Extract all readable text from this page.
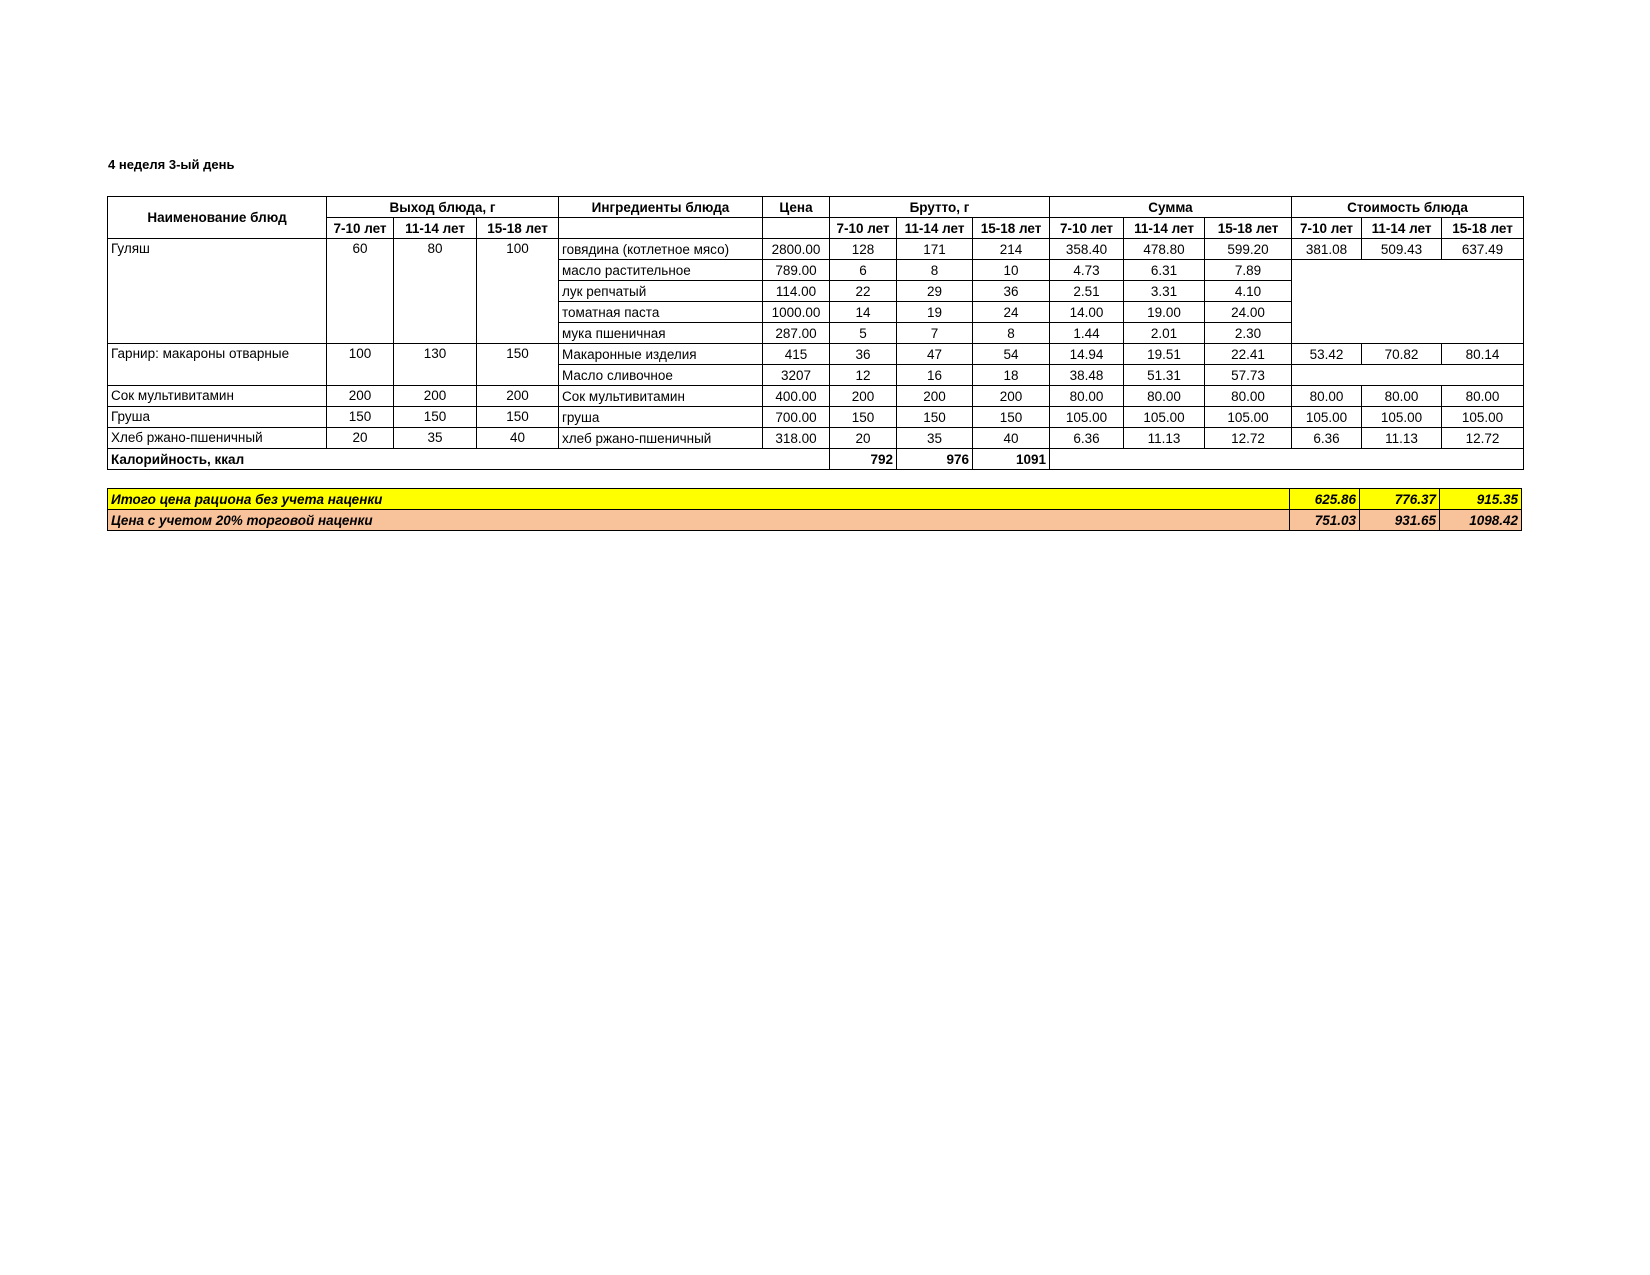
4 неделя 3-ый день
Наименование блюд	Выход блюда, г			Ингредиенты блюда	Цена	Брутто, г			Сумма			Стоимость блюда		
	7-10 лет	11-14 лет	15-18 лет			7-10 лет	11-14 лет	15-18 лет	7-10 лет	11-14 лет	15-18 лет	7-10 лет	11-14 лет	15-18 лет
Гуляш	60	80	100	говядина (котлетное мясо)	2800.00	128	171	214	358.40	478.80	599.20	381.08	509.43	637.49
				масло растительное	789.00	6	8	10	4.73	6.31	7.89			
				лук репчатый	114.00	22	29	36	2.51	3.31	4.10			
				томатная паста	1000.00	14	19	24	14.00	19.00	24.00			
				мука пшеничная	287.00	5	7	8	1.44	2.01	2.30			
Гарнир: макароны отварные	100	130	150	Макаронные изделия	415	36	47	54	14.94	19.51	22.41	53.42	70.82	80.14
				Масло сливочное	3207	12	16	18	38.48	51.31	57.73			
Сок мультивитамин	200	200	200	Сок мультивитамин	400.00	200	200	200	80.00	80.00	80.00	80.00	80.00	80.00
Груша	150	150	150	груша	700.00	150	150	150	105.00	105.00	105.00	105.00	105.00	105.00
Хлеб ржано-пшеничный	20	35	40	хлеб ржано-пшеничный	318.00	20	35	40	6.36	11.13	12.72	6.36	11.13	12.72
Калорийность, ккал						792	976	1091						
Итого цена рациона без учета наценки	625.86	776.37	915.35
Цена с учетом 20% торговой наценки	751.03	931.65	1098.42
